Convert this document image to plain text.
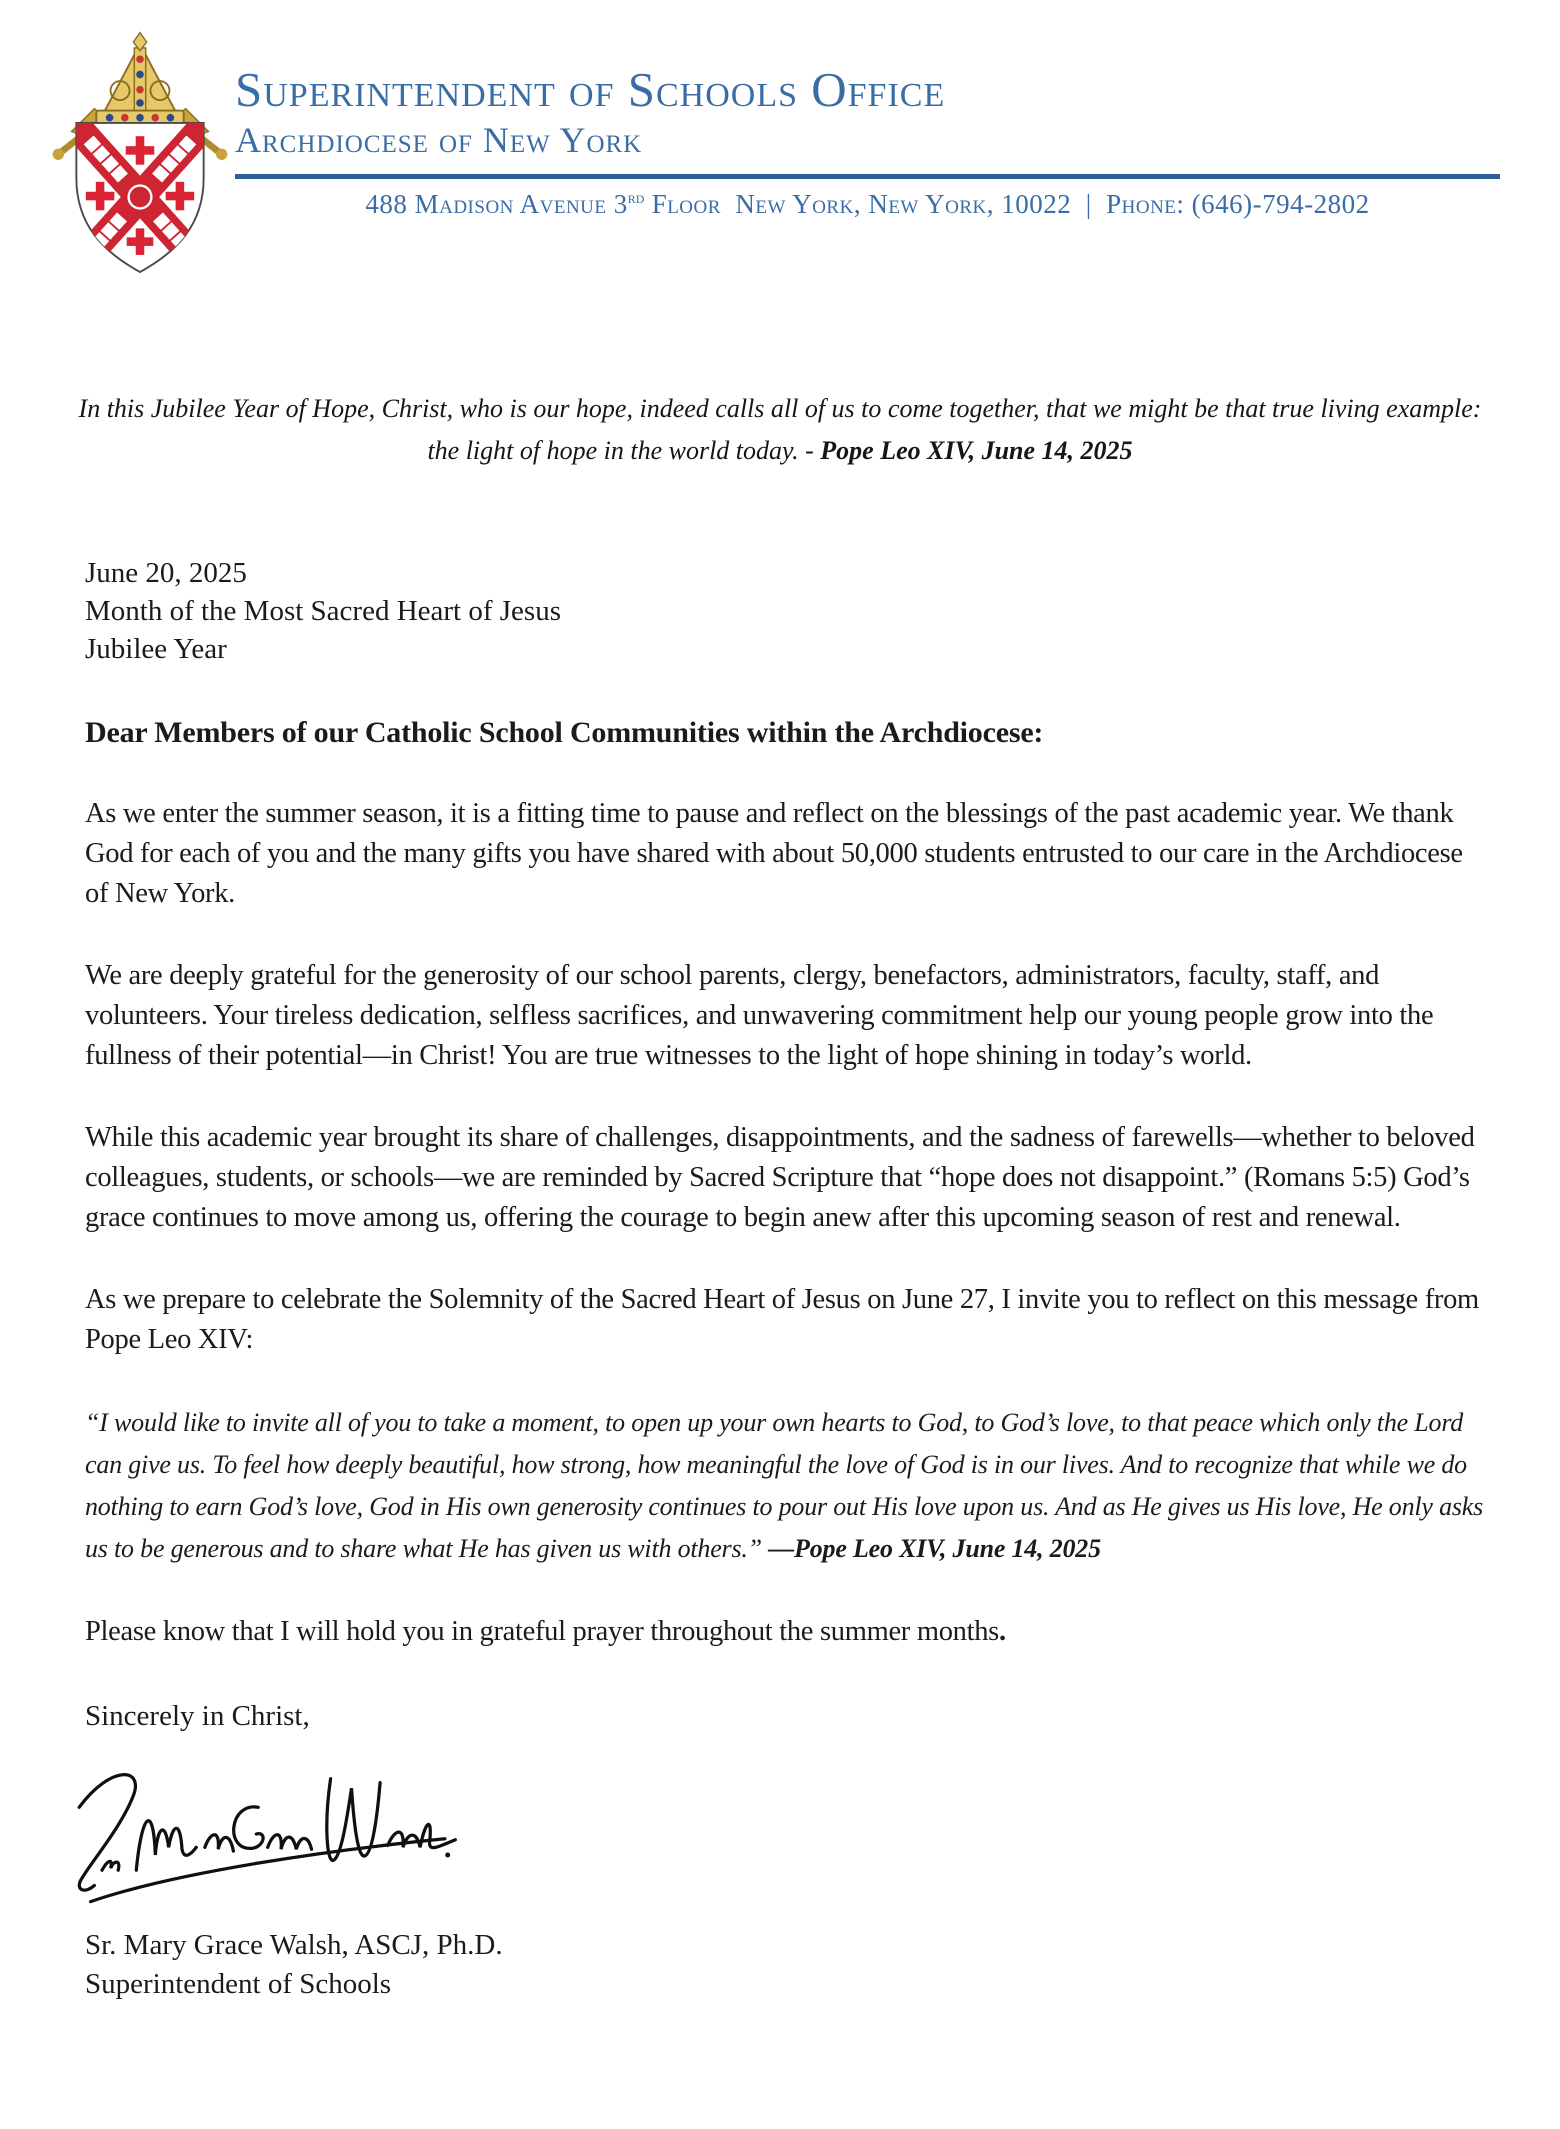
Superintendent of Schools Office
Archdiocese of New York
488 Madison Avenue 3rd Floor  New York, New York, 10022  |  Phone: (646)-794-2802
In this Jubilee Year of Hope, Christ, who is our hope, indeed calls all of us to come together, that we might be that true living example: the light of hope in the world today. - Pope Leo XIV, June 14, 2025
June 20, 2025
Month of the Most Sacred Heart of Jesus
Jubilee Year
Dear Members of our Catholic School Communities within the Archdiocese:

As we enter the summer season, it is a fitting time to pause and reflect on the blessings of the past academic year. We thank God for each of you and the many gifts you have shared with about 50,000 students entrusted to our care in the Archdiocese of New York.

We are deeply grateful for the generosity of our school parents, clergy, benefactors, administrators, faculty, staff, and volunteers. Your tireless dedication, selfless sacrifices, and unwavering commitment help our young people grow into the fullness of their potential—in Christ! You are true witnesses to the light of hope shining in today’s world.

While this academic year brought its share of challenges, disappointments, and the sadness of farewells—whether to beloved colleagues, students, or schools—we are reminded by Sacred Scripture that “hope does not disappoint.” (Romans 5:5) God’s grace continues to move among us, offering the courage to begin anew after this upcoming season of rest and renewal.

As we prepare to celebrate the Solemnity of the Sacred Heart of Jesus on June 27, I invite you to reflect on this message from Pope Leo XIV:

“I would like to invite all of you to take a moment, to open up your own hearts to God, to God’s love, to that peace which only the Lord can give us. To feel how deeply beautiful, how strong, how meaningful the love of God is in our lives. And to recognize that while we do nothing to earn God’s love, God in His own generosity continues to pour out His love upon us. And as He gives us His love, He only asks us to be generous and to share what He has given us with others.” —Pope Leo XIV, June 14, 2025

Please know that I will hold you in grateful prayer throughout the summer months.

Sincerely in Christ,
Sr. Mary Grace Walsh, ASCJ, Ph.D.
Superintendent of Schools
